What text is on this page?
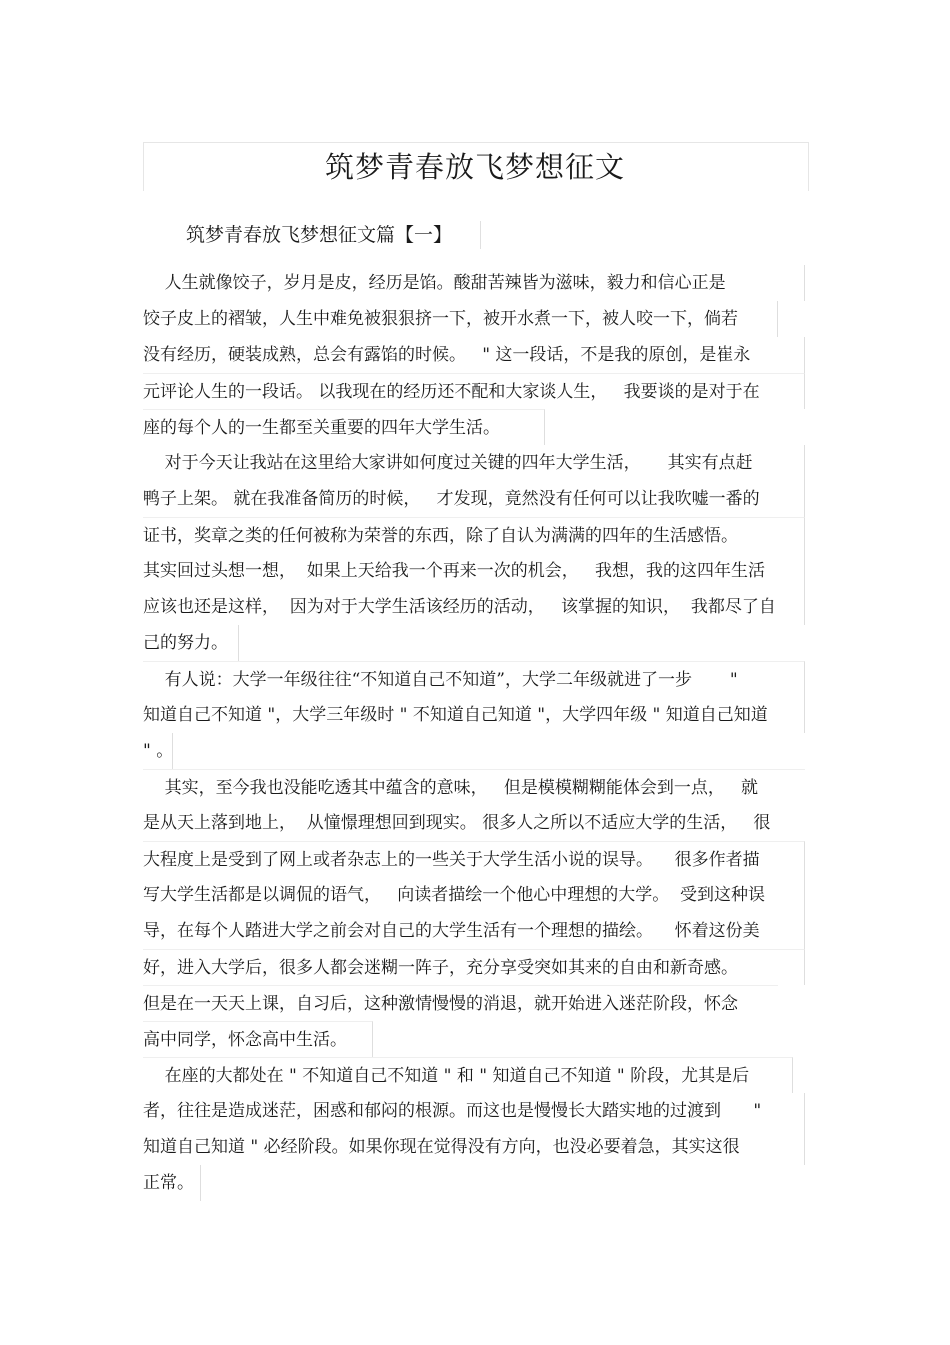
筑梦青春放飞梦想征文
筑梦青春放飞梦想征文篇【一】
人生就像饺子，岁月是皮，经历是馅。酸甜苦辣皆为滋味，毅力和信心正是
饺子皮上的褶皱，人生中难免被狠狠挤一下，被开水煮一下，被人咬一下，倘若
没有经历，硬装成熟，总会有露馅的时候。   " 这一段话，不是我的原创，是崔永
元评论人生的一段话。 以我现在的经历还不配和大家谈人生，   我要谈的是对于在
座的每个人的一生都至关重要的四年大学生活。
对于今天让我站在这里给大家讲如何度过关键的四年大学生活，     其实有点赶
鸭子上架。 就在我准备简历的时候，   才发现，竟然没有任何可以让我吹嘘一番的
证书，奖章之类的任何被称为荣誉的东西，除了自认为满满的四年的生活感悟。
其实回过头想一想，  如果上天给我一个再来一次的机会，   我想，我的这四年生活
应该也还是这样，  因为对于大学生活该经历的活动，   该掌握的知识，  我都尽了自
己的努力。
有人说：大学一年级往往“不知道自己不知道”，大学二年级就进了一步       "
知道自己不知道 "，大学三年级时 " 不知道自己知道 "，大学四年级 " 知道自己知道
" 。
其实，至今我也没能吃透其中蕴含的意味，   但是模模糊糊能体会到一点，   就
是从天上落到地上，  从憧憬理想回到现实。 很多人之所以不适应大学的生活，   很
大程度上是受到了网上或者杂志上的一些关于大学生活小说的误导。    很多作者描
写大学生活都是以调侃的语气，   向读者描绘一个他心中理想的大学。  受到这种误
导，在每个人踏进大学之前会对自己的大学生活有一个理想的描绘。    怀着这份美
好，进入大学后，很多人都会迷糊一阵子，充分享受突如其来的自由和新奇感。
但是在一天天上课，自习后，这种激情慢慢的消退，就开始进入迷茫阶段，怀念
高中同学，怀念高中生活。
在座的大都处在 " 不知道自己不知道 " 和 " 知道自己不知道 " 阶段，尤其是后
者，往往是造成迷茫，困惑和郁闷的根源。而这也是慢慢长大踏实地的过渡到      "
知道自己知道 " 必经阶段。如果你现在觉得没有方向，也没必要着急，其实这很
正常。
